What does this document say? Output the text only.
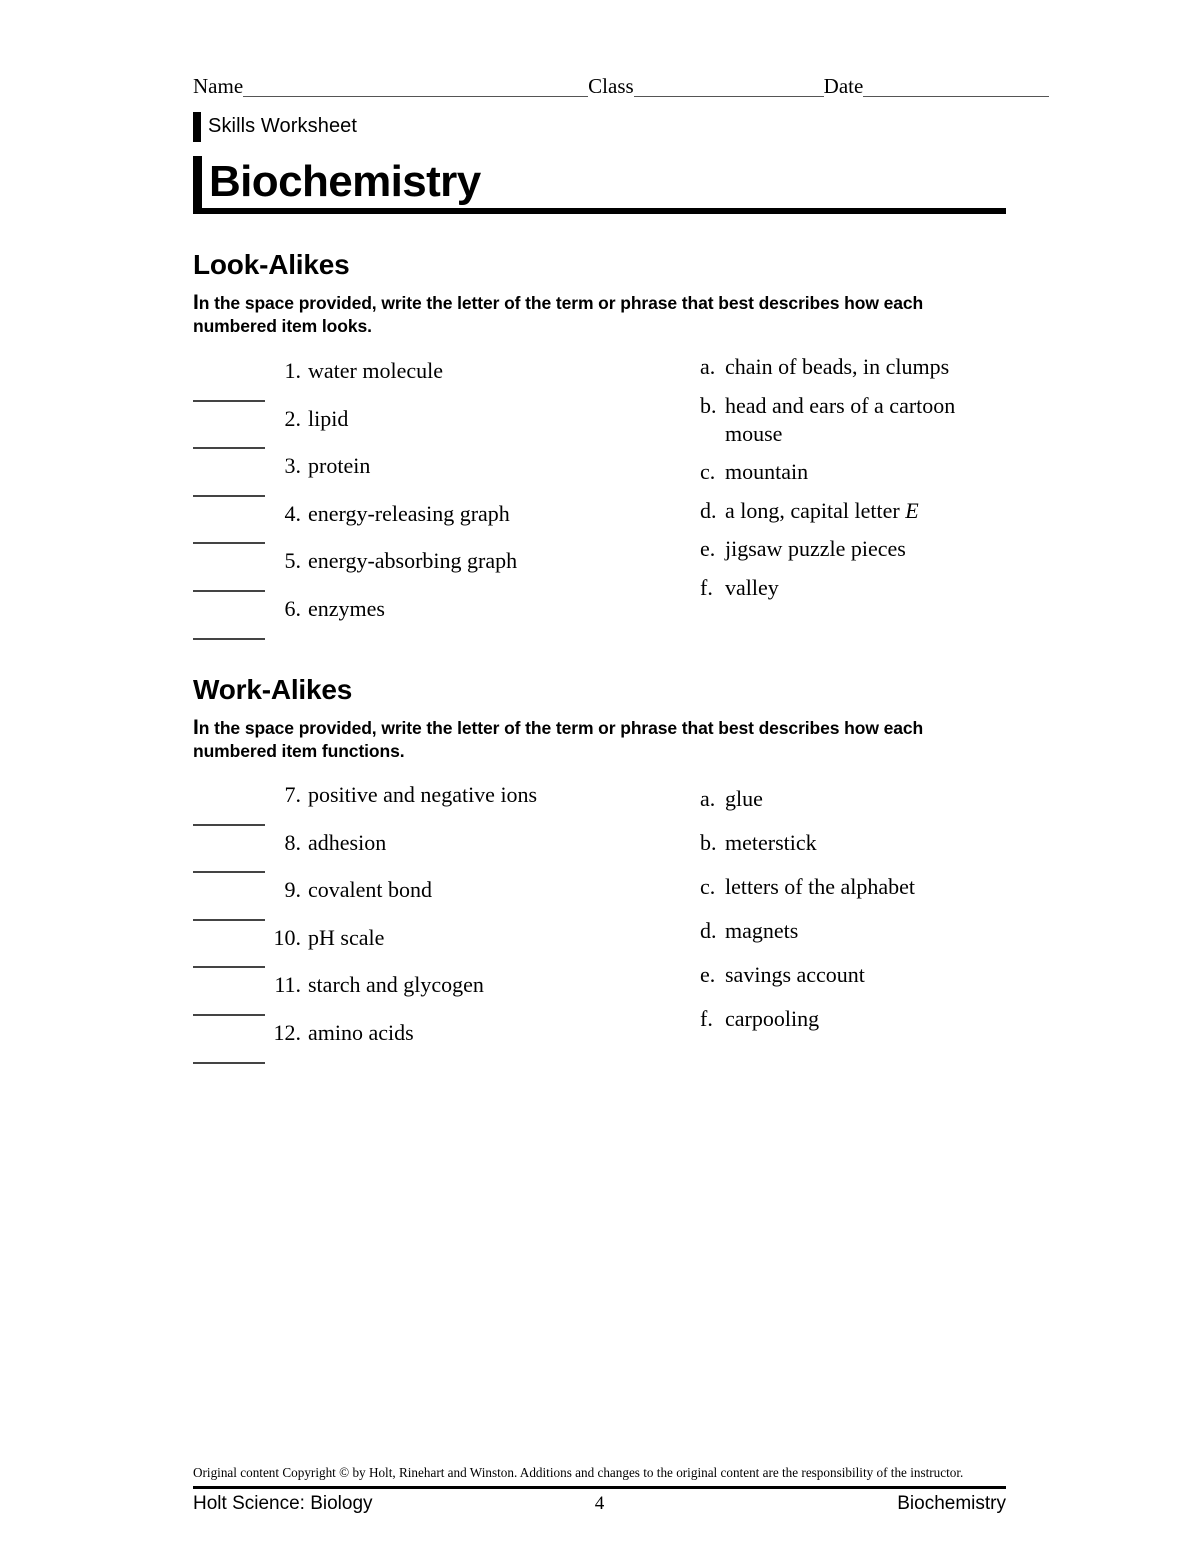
Name	Class	Date
Skills Worksheet
Biochemistry
Look-Alikes
In the space provided, write the letter of the term or phrase that best describes how each numbered item looks.
1. water molecule
2. lipid
3. protein
4. energy-releasing graph
5. energy-absorbing graph
6. enzymes
a. chain of beads, in clumps
b. head and ears of a cartoon mouse
c. mountain
d. a long, capital letter E
e. jigsaw puzzle pieces
f. valley
Work-Alikes
In the space provided, write the letter of the term or phrase that best describes how each numbered item functions.
7. positive and negative ions
8. adhesion
9. covalent bond
10. pH scale
11. starch and glycogen
12. amino acids
a. glue
b. meterstick
c. letters of the alphabet
d. magnets
e. savings account
f. carpooling
Original content Copyright © by Holt, Rinehart and Winston. Additions and changes to the original content are the responsibility of the instructor.
Holt Science: Biology	4	Biochemistry
